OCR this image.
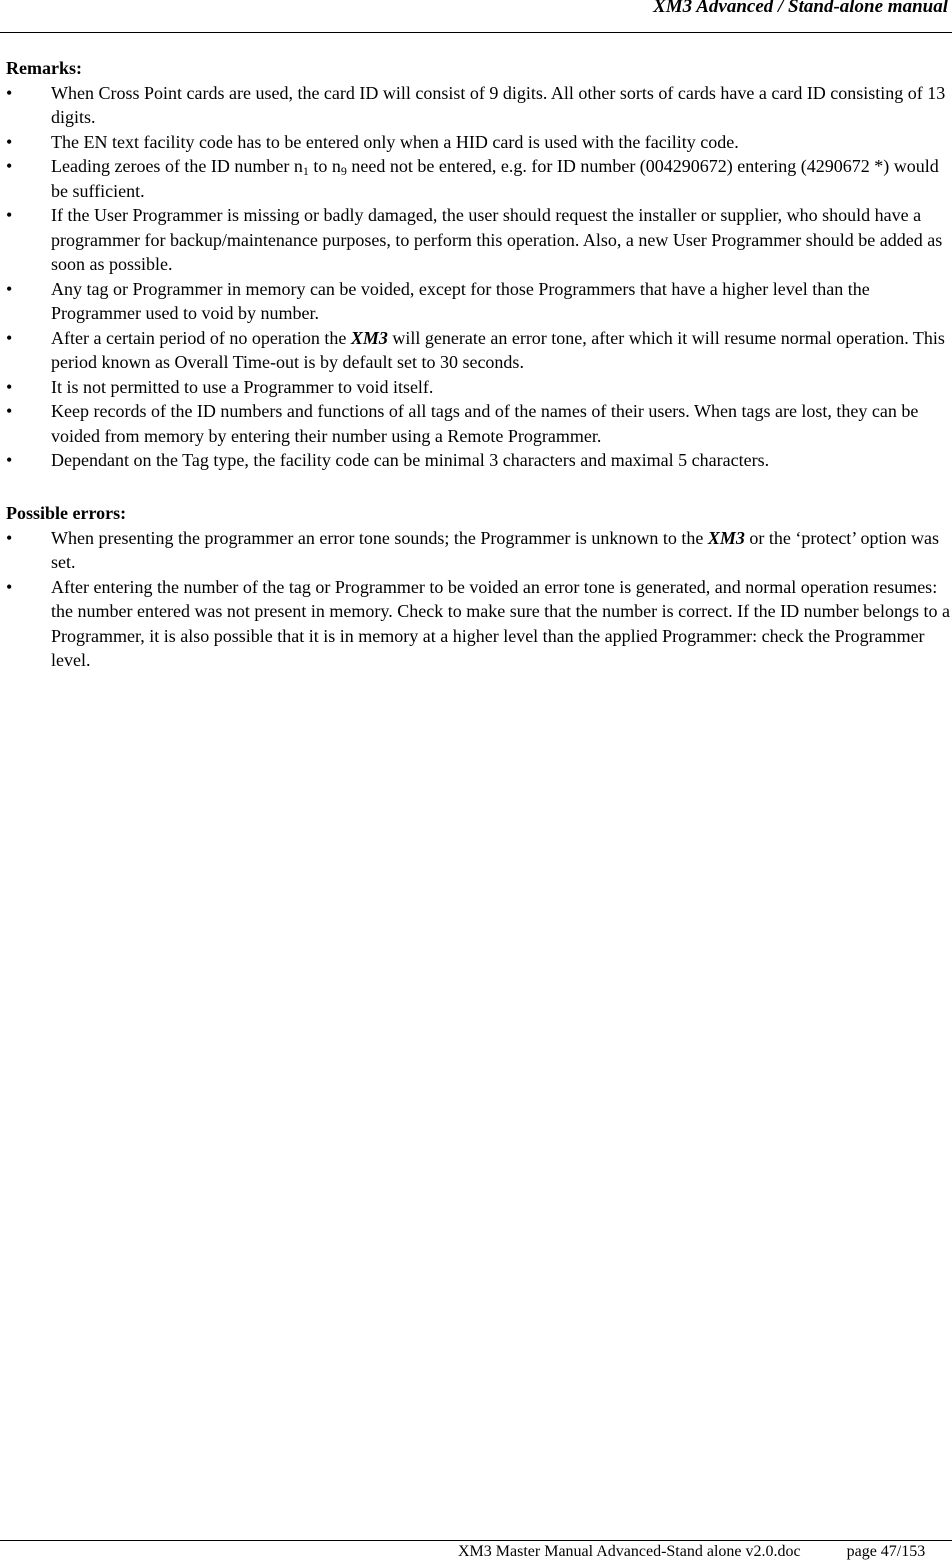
XM3 Advanced / Stand-alone manual
Remarks:
• When Cross Point cards are used, the card ID will consist of 9 digits. All other sorts of cards have a card ID consisting of 13 digits.
• The EN text facility code has to be entered only when a HID card is used with the facility code.
• Leading zeroes of the ID number $n_1$ to $n_9$ need not be entered, e.g. for ID number (004290672) entering (4290672 *) would be sufficient.
• If the User Programmer is missing or badly damaged, the user should request the installer or supplier, who should have a programmer for backup/maintenance purposes, to perform this operation. Also, a new User Programmer should be added as soon as possible.
• Any tag or Programmer in memory can be voided, except for those Programmers that have a higher level than the Programmer used to void by number.
• After a certain period of no operation the XM3 will generate an error tone, after which it will resume normal operation. This period known as Overall Time-out is by default set to 30 seconds.
• It is not permitted to use a Programmer to void itself.
• Keep records of the ID numbers and functions of all tags and of the names of their users. When tags are lost, they can be voided from memory by entering their number using a Remote Programmer.
• Dependant on the Tag type, the facility code can be minimal 3 characters and maximal 5 characters.
Possible errors:
• When presenting the programmer an error tone sounds; the Programmer is unknown to the XM3 or the ‘protect’ option was set.
• After entering the number of the tag or Programmer to be voided an error tone is generated, and normal operation resumes: the number entered was not present in memory. Check to make sure that the number is correct. If the ID number belongs to a Programmer, it is also possible that it is in memory at a higher level than the applied Programmer: check the Programmer level.
XM3 Master Manual Advanced-Stand alone v2.0.doc	page 47/153
